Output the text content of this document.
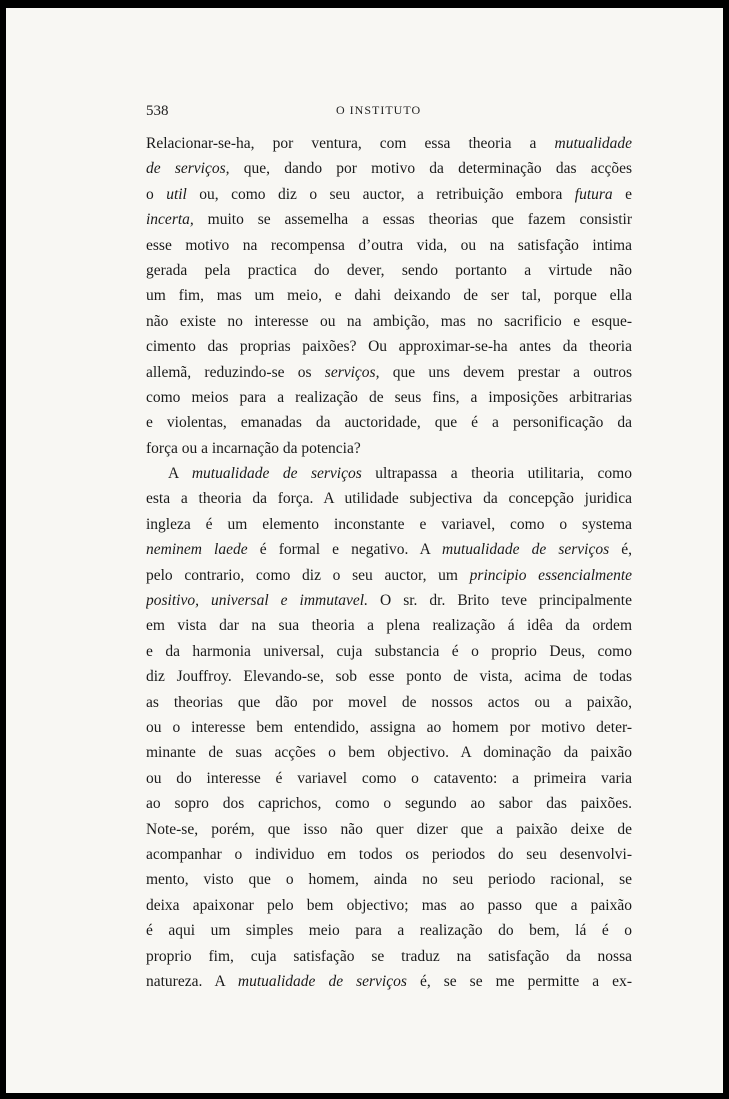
538	O INSTITUTO
Relacionar-se-ha, por ventura, com essa theoria a mutualidade
de serviços, que, dando por motivo da determinação das acções
o util ou, como diz o seu auctor, a retribuição embora futura e
incerta, muito se assemelha a essas theorias que fazem consistir
esse motivo na recompensa d’outra vida, ou na satisfação intima
gerada pela practica do dever, sendo portanto a virtude não
um fim, mas um meio, e dahi deixando de ser tal, porque ella
não existe no interesse ou na ambição, mas no sacrificio e esque-
cimento das proprias paixões? Ou approximar-se-ha antes da theoria
allemã, reduzindo-se os serviços, que uns devem prestar a outros
como meios para a realização de seus fins, a imposições arbitrarias
e violentas, emanadas da auctoridade, que é a personificação da
força ou a incarnação da potencia?
A mutualidade de serviços ultrapassa a theoria utilitaria, como
esta a theoria da força. A utilidade subjectiva da concepção juridica
ingleza é um elemento inconstante e variavel, como o systema
neminem laede é formal e negativo. A mutualidade de serviços é,
pelo contrario, como diz o seu auctor, um principio essencialmente
positivo, universal e immutavel. O sr. dr. Brito teve principalmente
em vista dar na sua theoria a plena realização á idêa da ordem
e da harmonia universal, cuja substancia é o proprio Deus, como
diz Jouffroy. Elevando-se, sob esse ponto de vista, acima de todas
as theorias que dão por movel de nossos actos ou a paixão,
ou o interesse bem entendido, assigna ao homem por motivo deter-
minante de suas acções o bem objectivo. A dominação da paixão
ou do interesse é variavel como o catavento: a primeira varia
ao sopro dos caprichos, como o segundo ao sabor das paixões.
Note-se, porém, que isso não quer dizer que a paixão deixe de
acompanhar o individuo em todos os periodos do seu desenvolvi-
mento, visto que o homem, ainda no seu periodo racional, se
deixa apaixonar pelo bem objectivo; mas ao passo que a paixão
é aqui um simples meio para a realização do bem, lá é o
proprio fim, cuja satisfação se traduz na satisfação da nossa
natureza. A mutualidade de serviços é, se se me permitte a ex-
